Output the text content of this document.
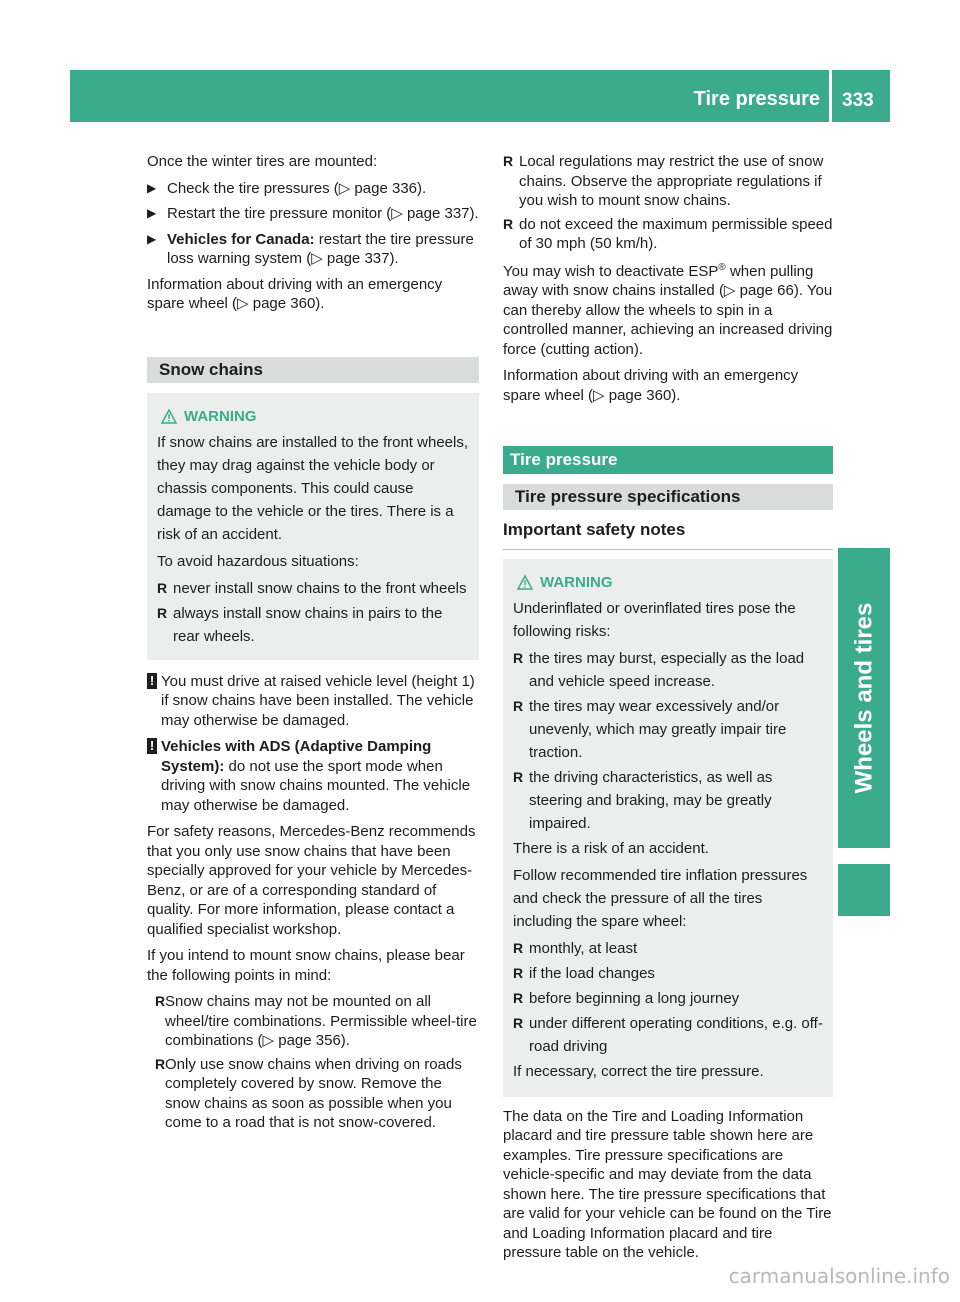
Tire pressure 333
Wheels and tires

Once the winter tires are mounted:

▶ Check the tire pressures (▷ page 336).
▶ Restart the tire pressure monitor (▷ page 337).
▶ Vehicles for Canada: restart the tire pressure loss warning system (▷ page 337).

Information about driving with an emergency spare wheel (▷ page 360).

Snow chains
WARNING

If snow chains are installed to the front wheels, they may drag against the vehicle body or chassis components. This could cause damage to the vehicle or the tires. There is a risk of an accident.

To avoid hazardous situations:

R never install snow chains to the front wheels
R always install snow chains in pairs to the rear wheels.
! You must drive at raised vehicle level (height 1) if snow chains have been installed. The vehicle may otherwise be damaged.
! Vehicles with ADS (Adaptive Damping System): do not use the sport mode when driving with snow chains mounted. The vehicle may otherwise be damaged.

For safety reasons, Mercedes-Benz recommends that you only use snow chains that have been specially approved for your vehicle by Mercedes-Benz, or are of a corresponding standard of quality. For more information, please contact a qualified specialist workshop.

If you intend to mount snow chains, please bear the following points in mind:

R Snow chains may not be mounted on all wheel/tire combinations. Permissible wheel-tire combinations (▷ page 356).
R Only use snow chains when driving on roads completely covered by snow. Remove the snow chains as soon as possible when you come to a road that is not snow-covered.
R Local regulations may restrict the use of snow chains. Observe the appropriate regulations if you wish to mount snow chains.
R do not exceed the maximum permissible speed of 30 mph (50 km/h).

You may wish to deactivate ESP® when pulling away with snow chains installed (▷ page 66). You can thereby allow the wheels to spin in a controlled manner, achieving an increased driving force (cutting action).

Information about driving with an emergency spare wheel (▷ page 360).

Tire pressure
Tire pressure specifications
Important safety notes
WARNING

Underinflated or overinflated tires pose the following risks:

R the tires may burst, especially as the load and vehicle speed increase.
R the tires may wear excessively and/or unevenly, which may greatly impair tire traction.
R the driving characteristics, as well as steering and braking, may be greatly impaired.

There is a risk of an accident.

Follow recommended tire inflation pressures and check the pressure of all the tires including the spare wheel:

R monthly, at least
R if the load changes
R before beginning a long journey
R under different operating conditions, e.g. off-road driving

If necessary, correct the tire pressure.

The data on the Tire and Loading Information placard and tire pressure table shown here are examples. Tire pressure specifications are vehicle-specific and may deviate from the data shown here. The tire pressure specifications that are valid for your vehicle can be found on the Tire and Loading Information placard and tire pressure table on the vehicle.

carmanualsonline.info
